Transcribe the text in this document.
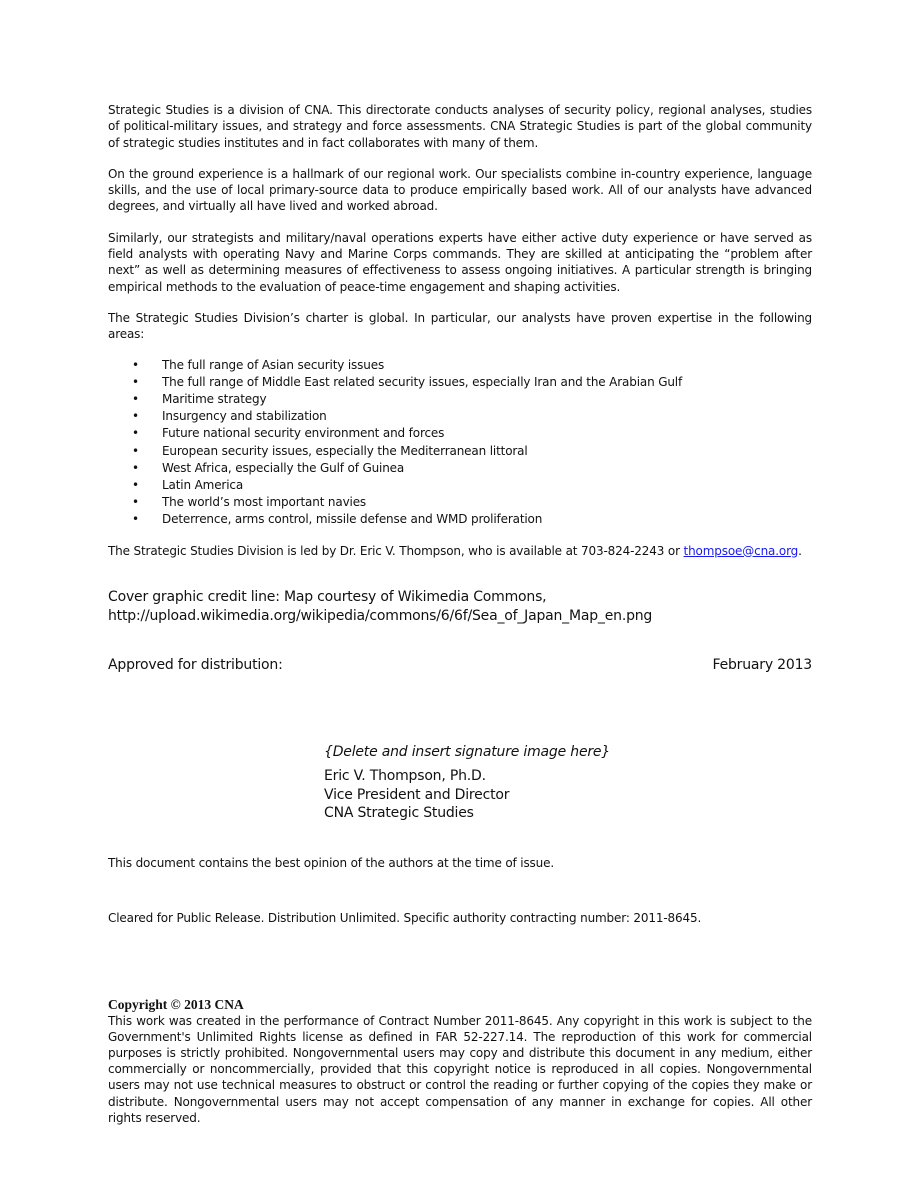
Strategic Studies is a division of CNA. This directorate conducts analyses of security policy, regional analyses, studies of political-military issues, and strategy and force assessments. CNA Strategic Studies is part of the global community of strategic studies institutes and in fact collaborates with many of them.

On the ground experience is a hallmark of our regional work. Our specialists combine in-country experience, language skills, and the use of local primary-source data to produce empirically based work. All of our analysts have advanced degrees, and virtually all have lived and worked abroad.

Similarly, our strategists and military/naval operations experts have either active duty experience or have served as field analysts with operating Navy and Marine Corps commands. They are skilled at anticipating the “problem after next” as well as determining measures of effectiveness to assess ongoing initiatives. A particular strength is bringing empirical methods to the evaluation of peace-time engagement and shaping activities.

The Strategic Studies Division’s charter is global. In particular, our analysts have proven expertise in the following areas:

• The full range of Asian security issues
• The full range of Middle East related security issues, especially Iran and the Arabian Gulf
• Maritime strategy
• Insurgency and stabilization
• Future national security environment and forces
• European security issues, especially the Mediterranean littoral
• West Africa, especially the Gulf of Guinea
• Latin America
• The world’s most important navies
• Deterrence, arms control, missile defense and WMD proliferation
The Strategic Studies Division is led by Dr. Eric V. Thompson, who is available at 703-824-2243 or thompsoe@cna.org.
Cover graphic credit line: Map courtesy of Wikimedia Commons,
http://upload.wikimedia.org/wikipedia/commons/6/6f/Sea_of_Japan_Map_en.png
Approved for distribution:	February 2013
{Delete and insert signature image here}
Eric V. Thompson, Ph.D.
Vice President and Director
CNA Strategic Studies
This document contains the best opinion of the authors at the time of issue.
Cleared for Public Release. Distribution Unlimited. Specific authority contracting number: 2011-8645.
Copyright © 2013 CNA
This work was created in the performance of Contract Number 2011-8645. Any copyright in this work is subject to the Government's Unlimited Rights license as defined in FAR 52-227.14. The reproduction of this work for commercial purposes is strictly prohibited. Nongovernmental users may copy and distribute this document in any medium, either commercially or noncommercially, provided that this copyright notice is reproduced in all copies. Nongovernmental users may not use technical measures to obstruct or control the reading or further copying of the copies they make or distribute. Nongovernmental users may not accept compensation of any manner in exchange for copies. All other rights reserved.
